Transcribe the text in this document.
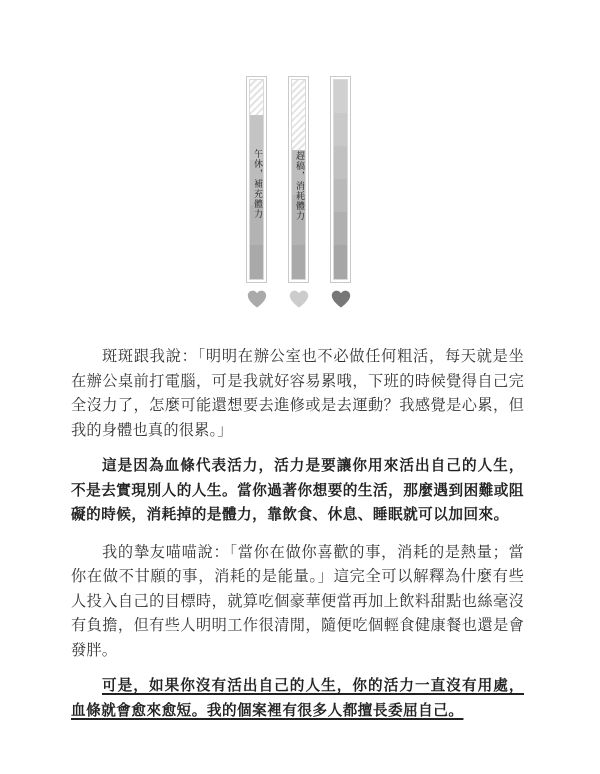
午休，補充體力	趕稿，消耗體力

斑斑跟我說：「明明在辦公室也不必做任何粗活，每天就是坐在辦公桌前打電腦，可是我就好容易累哦，下班的時候覺得自己完全沒力了，怎麼可能還想要去進修或是去運動？我感覺是心累，但我的身體也真的很累。」

這是因為血條代表活力，活力是要讓你用來活出自己的人生，不是去實現別人的人生。當你過著你想要的生活，那麼遇到困難或阻礙的時候，消耗掉的是體力，靠飲食、休息、睡眠就可以加回來。

我的摯友喵喵說：「當你在做你喜歡的事，消耗的是熱量；當你在做不甘願的事，消耗的是能量。」這完全可以解釋為什麼有些人投入自己的目標時，就算吃個豪華便當再加上飲料甜點也絲毫沒有負擔，但有些人明明工作很清閒，隨便吃個輕食健康餐也還是會發胖。

可是，如果你沒有活出自己的人生，你的活力一直沒有用處，血條就會愈來愈短。我的個案裡有很多人都擅長委屈自己。
